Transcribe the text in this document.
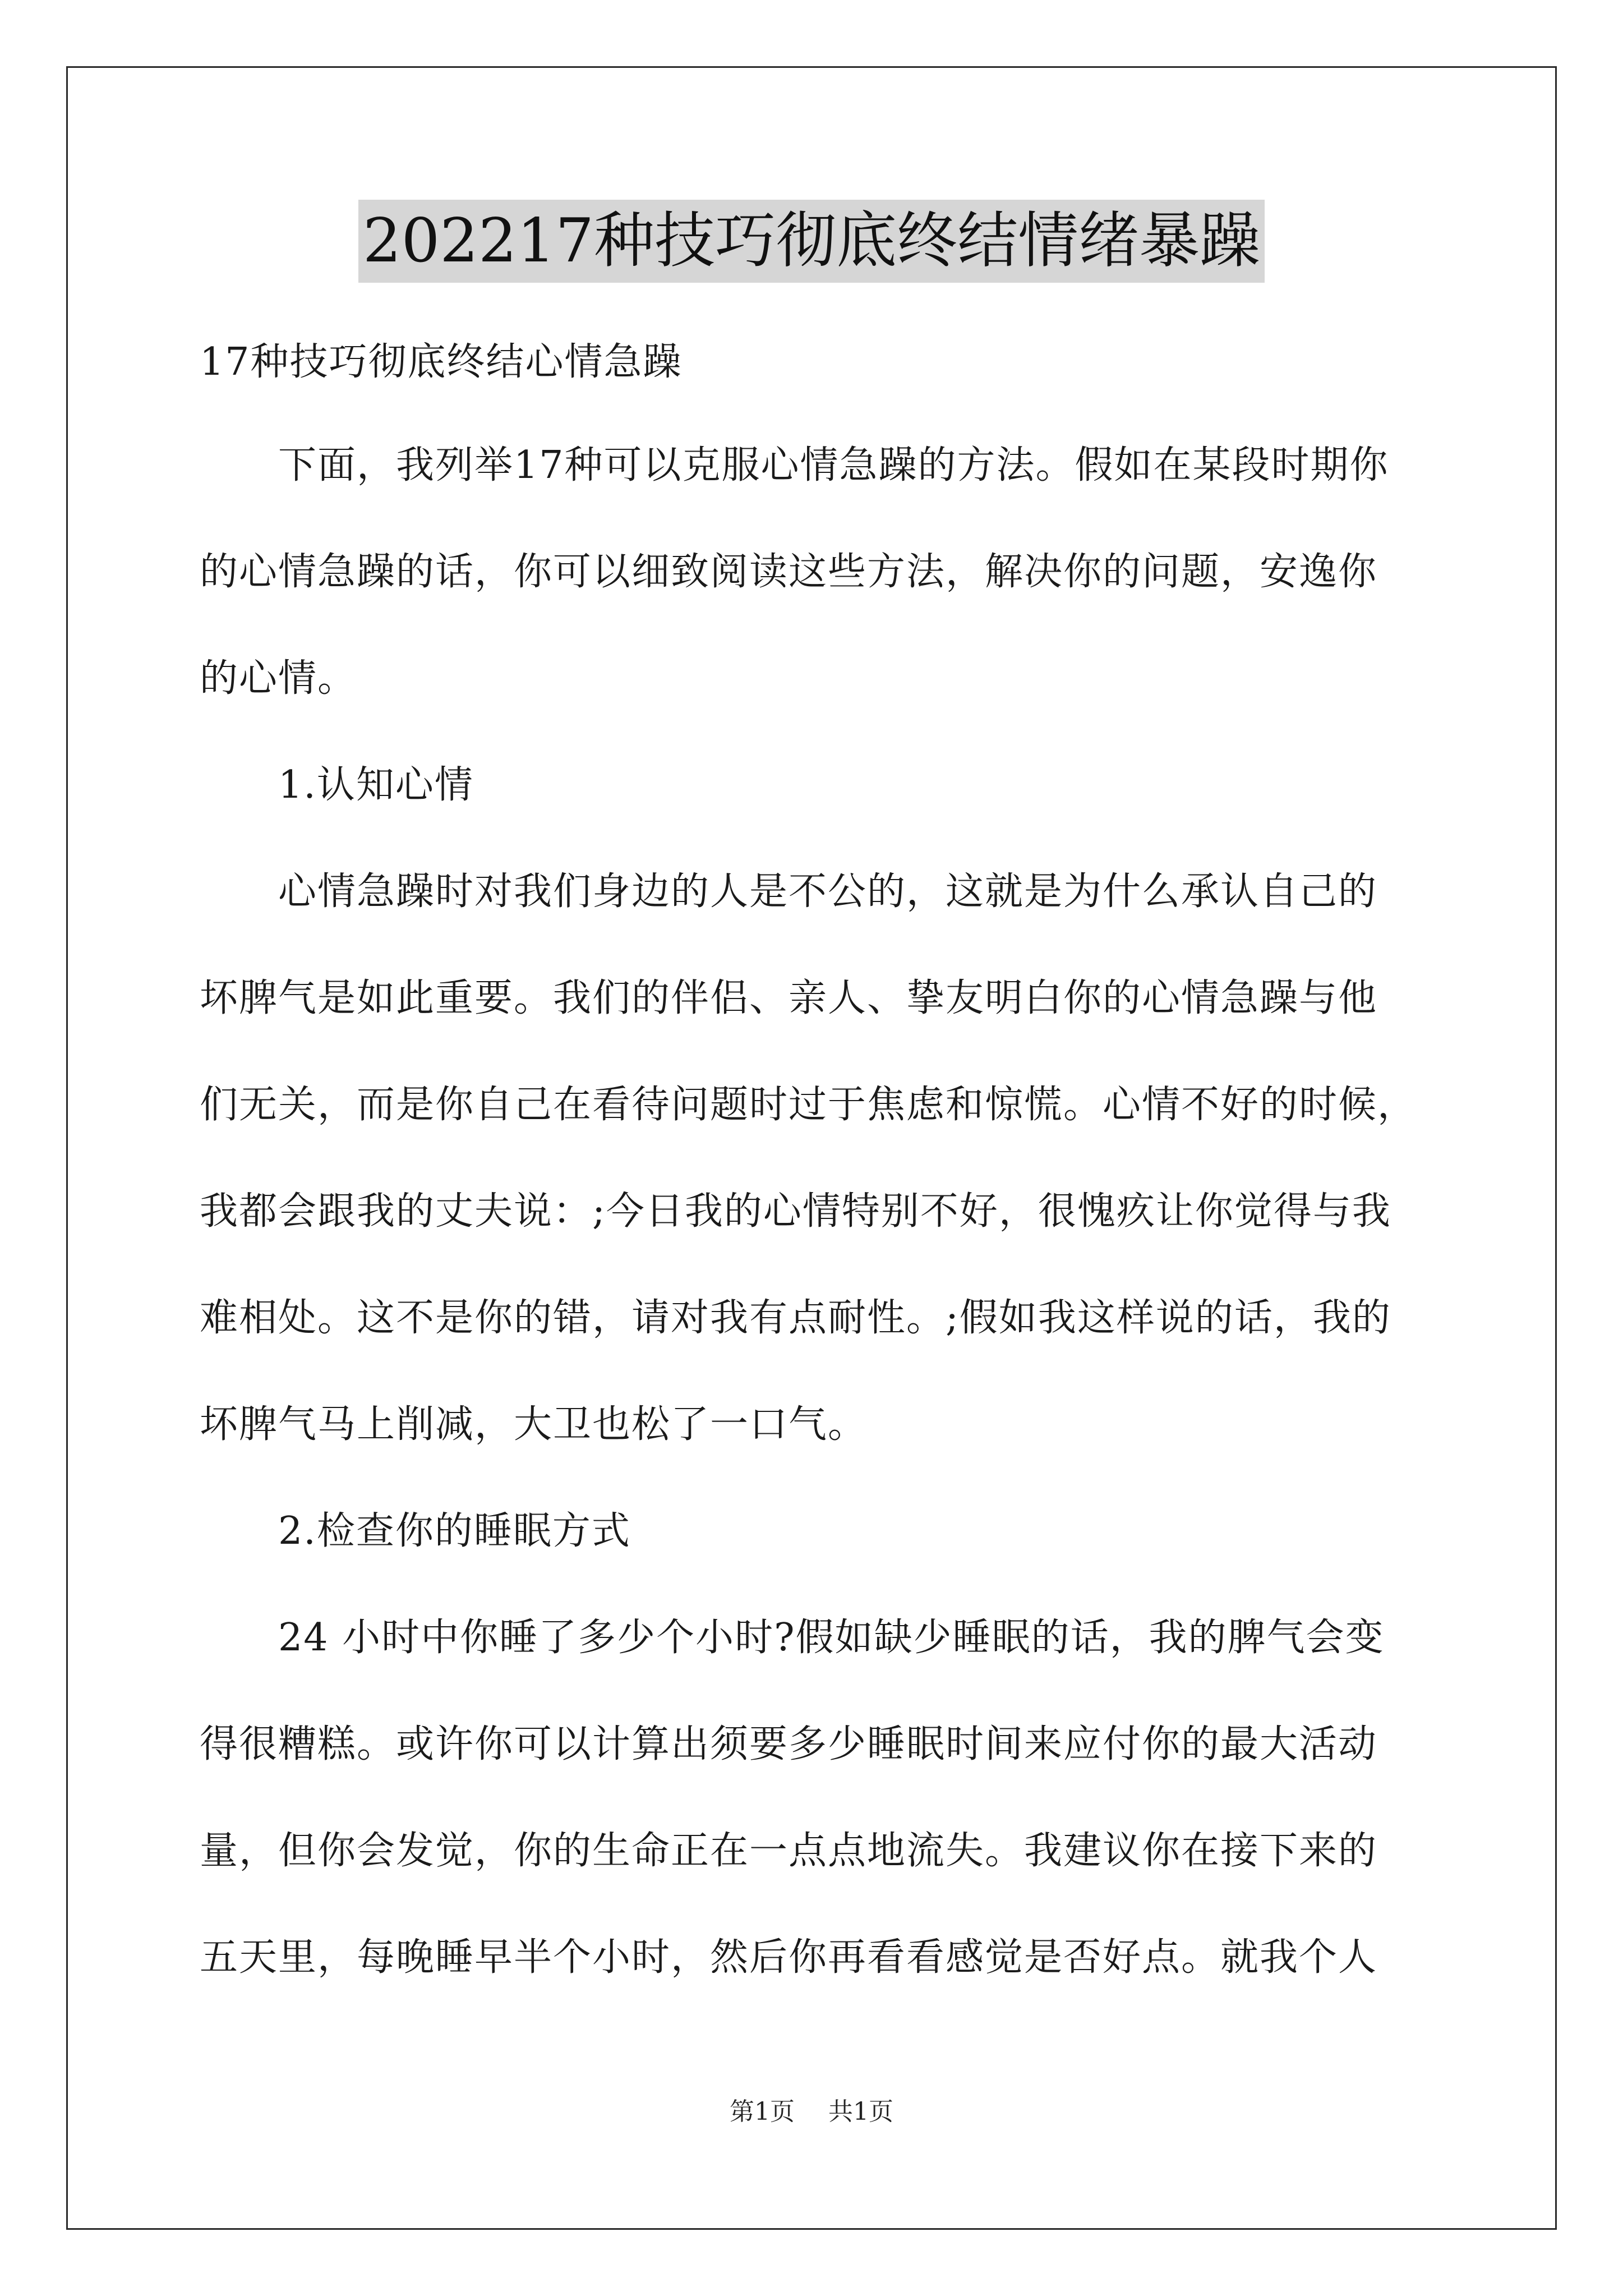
202217种技巧彻底终结情绪暴躁

17种技巧彻底终结心情急躁

　　下面，我列举17种可以克服心情急躁的方法。假如在某段时期你

的心情急躁的话，你可以细致阅读这些方法，解决你的问题，安逸你

的心情。

　　1.认知心情

　　心情急躁时对我们身边的人是不公的，这就是为什么承认自己的

坏脾气是如此重要。我们的伴侣、亲人、挚友明白你的心情急躁与他

们无关，而是你自己在看待问题时过于焦虑和惊慌。心情不好的时候，

我都会跟我的丈夫说：;今日我的心情特别不好，很愧疚让你觉得与我

难相处。这不是你的错，请对我有点耐性。;假如我这样说的话，我的

坏脾气马上削减，大卫也松了一口气。

　　2.检查你的睡眠方式

　　24 小时中你睡了多少个小时?假如缺少睡眠的话，我的脾气会变

得很糟糕。或许你可以计算出须要多少睡眠时间来应付你的最大活动

量，但你会发觉，你的生命正在一点点地流失。我建议你在接下来的

五天里，每晚睡早半个小时，然后你再看看感觉是否好点。就我个人

第1页 共1页
